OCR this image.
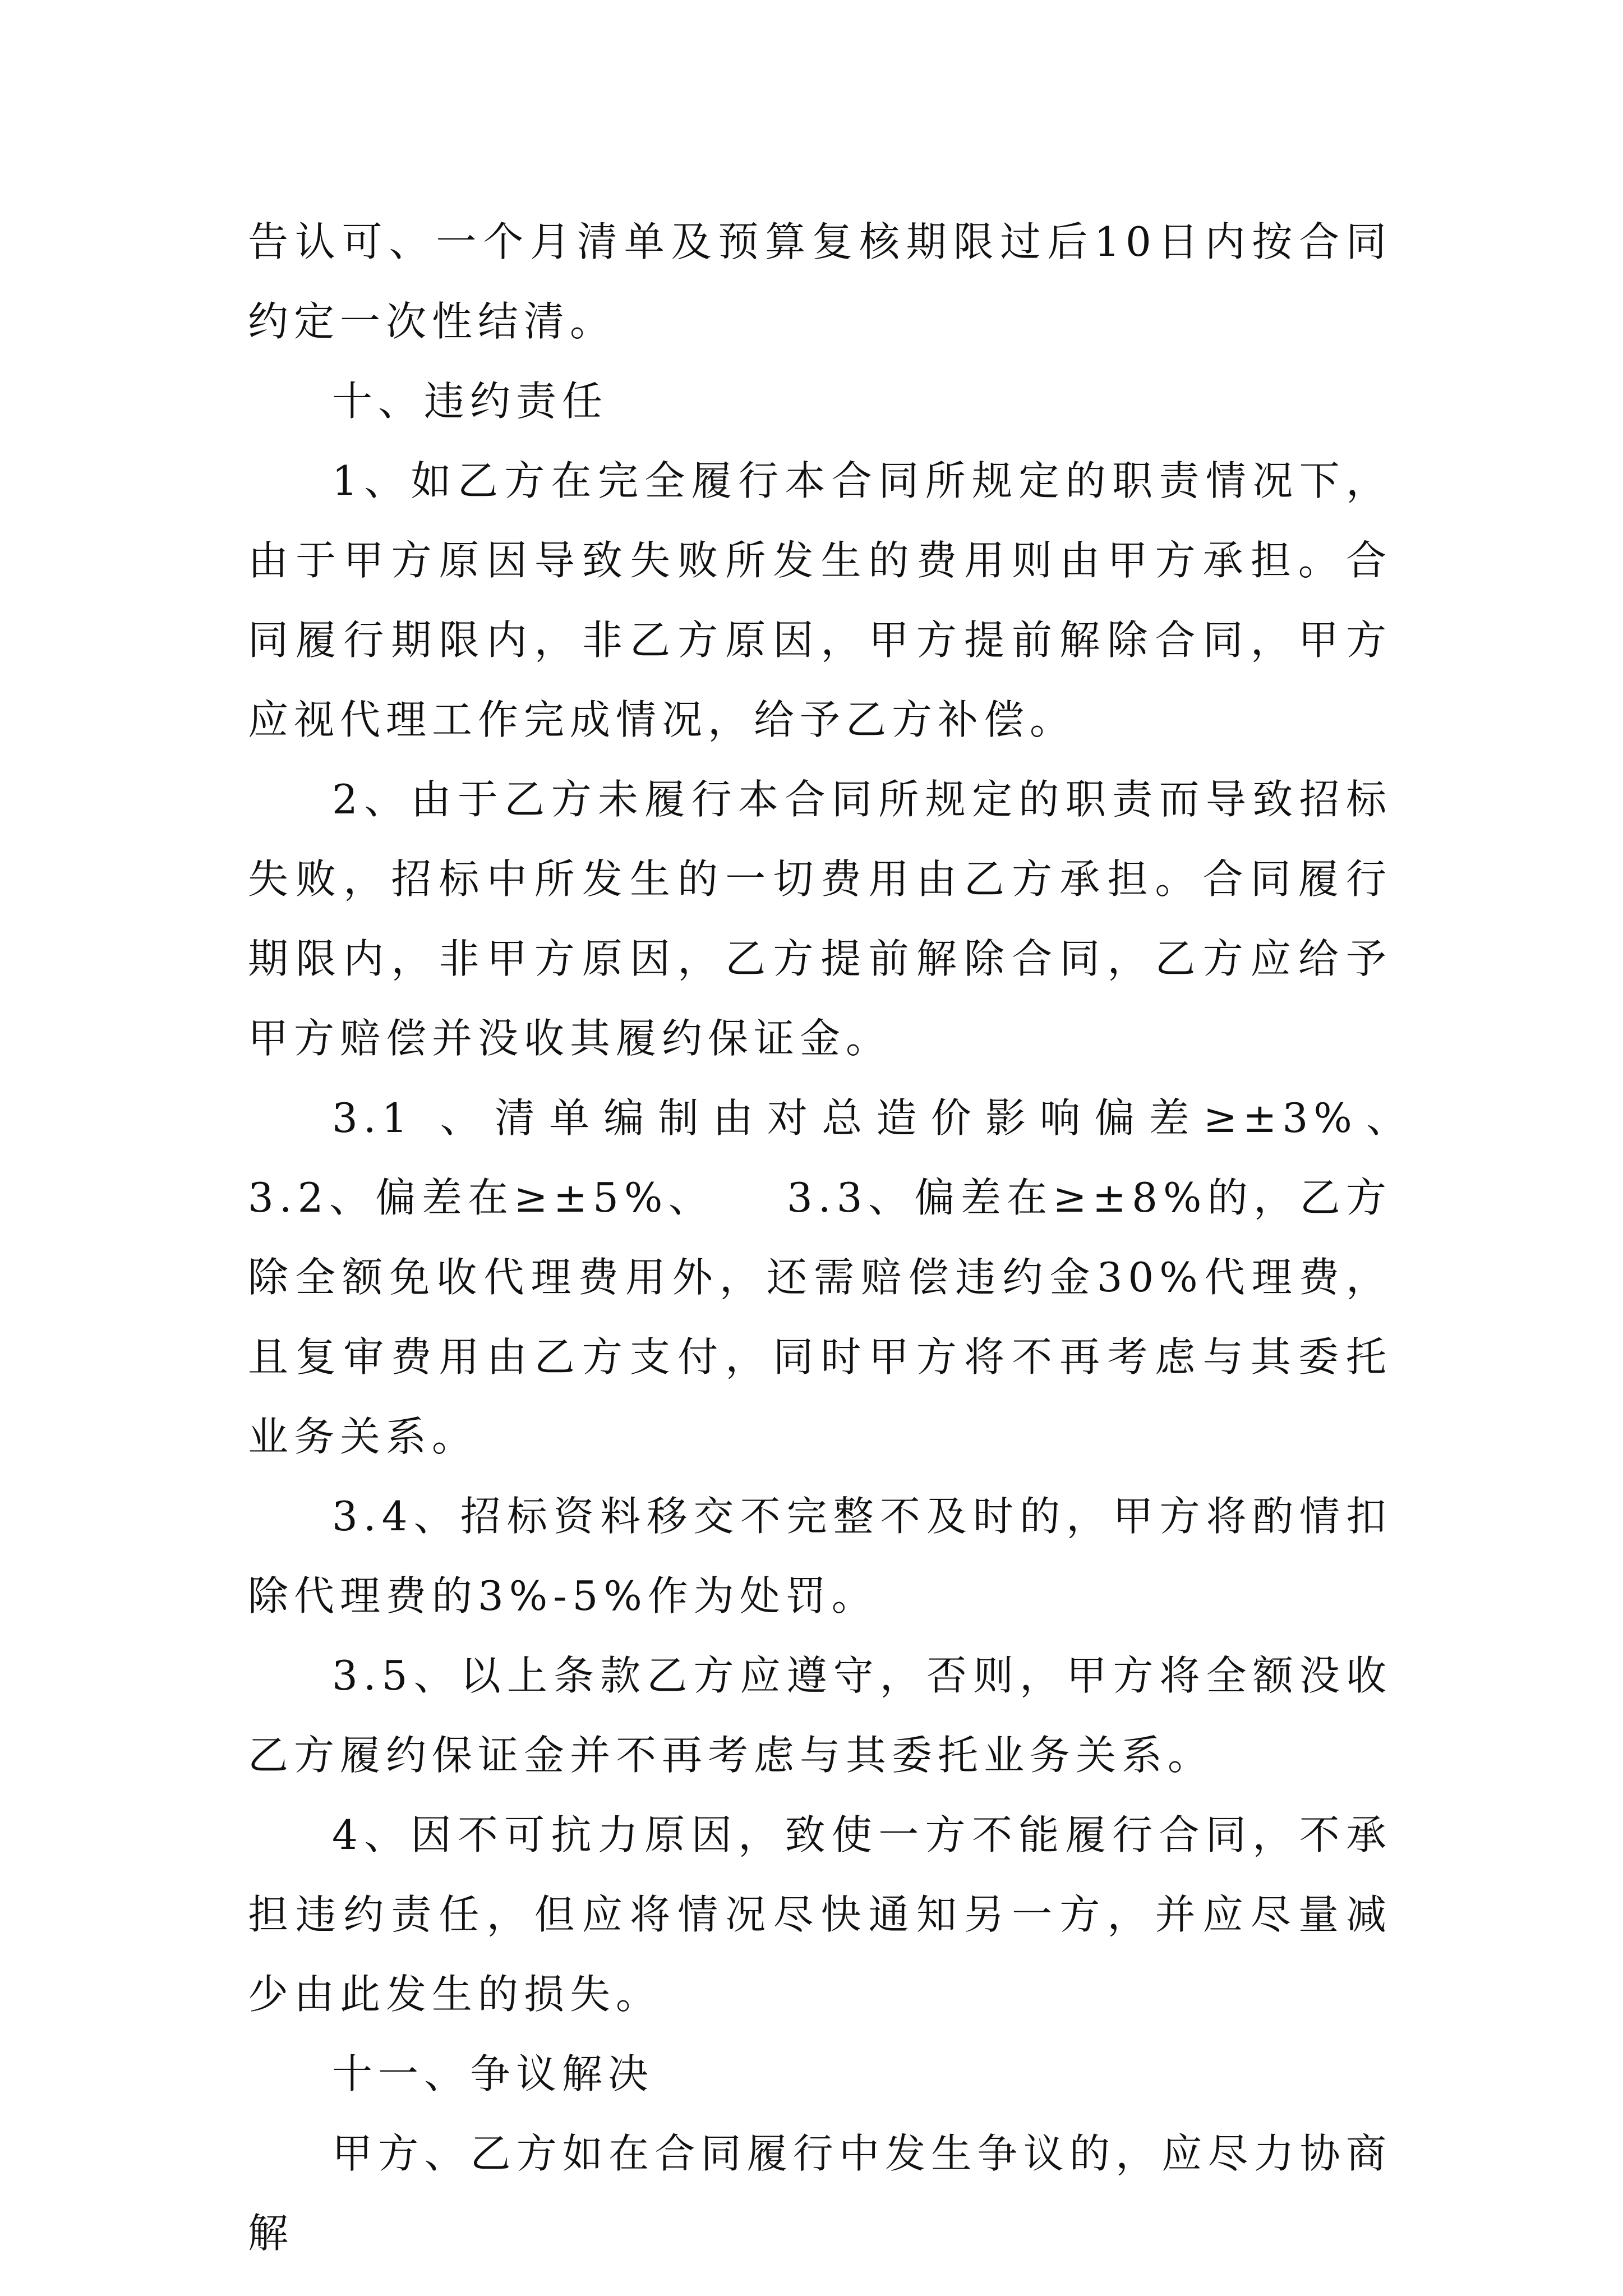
告认可、一个月清单及预算复核期限过后10日内按合同约定一次性结清。

十、违约责任

1、如乙方在完全履行本合同所规定的职责情况下，由于甲方原因导致失败所发生的费用则由甲方承担。合同履行期限内，非乙方原因，甲方提前解除合同，甲方应视代理工作完成情况，给予乙方补偿。

2、由于乙方未履行本合同所规定的职责而导致招标失败，招标中所发生的一切费用由乙方承担。合同履行期限内，非甲方原因，乙方提前解除合同，乙方应给予甲方赔偿并没收其履约保证金。

3.1 、清单编制由对总造价影响偏差≥±3%、　　3.2、偏差在≥±5%、　　3.3、偏差在≥±8%的，乙方除全额免收代理费用外，还需赔偿违约金30%代理费，且复审费用由乙方支付，同时甲方将不再考虑与其委托业务关系。

3.4、招标资料移交不完整不及时的，甲方将酌情扣除代理费的3%-5%作为处罚。

3.5、以上条款乙方应遵守，否则，甲方将全额没收乙方履约保证金并不再考虑与其委托业务关系。

4、因不可抗力原因，致使一方不能履行合同，不承担违约责任，但应将情况尽快通知另一方，并应尽量减少由此发生的损失。

十一、争议解决

甲方、乙方如在合同履行中发生争议的，应尽力协商解
